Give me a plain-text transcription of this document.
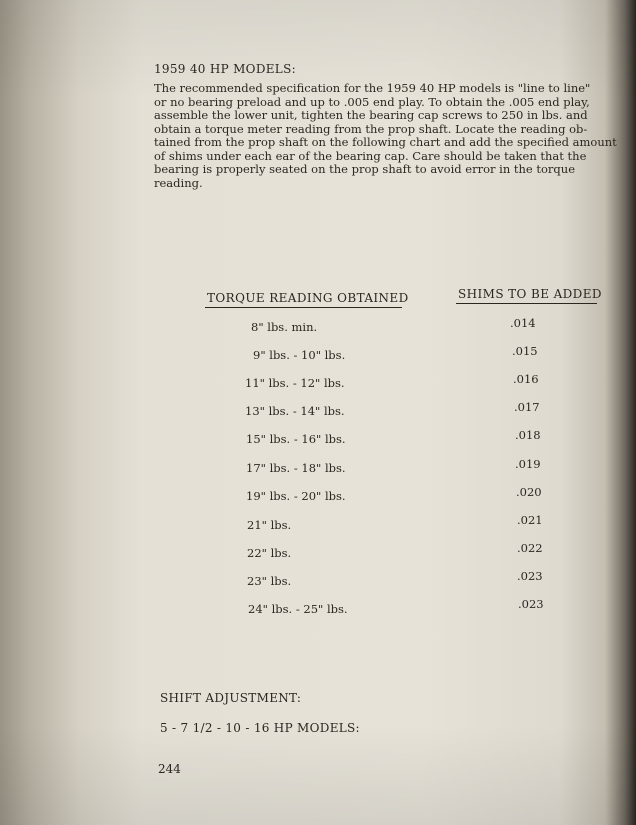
1959 40 HP MODELS:
The recommended specification for the 1959 40 HP models is "line to line"
or no bearing preload and up to .005 end play. To obtain the .005 end play,
assemble the lower unit, tighten the bearing cap screws to 250 in lbs. and
obtain a torque meter reading from the prop shaft. Locate the reading ob-
tained from the prop shaft on the following chart and add the specified amount
of shims under each ear of the bearing cap. Care should be taken that the
bearing is properly seated on the prop shaft to avoid error in the torque
reading.
TORQUE READING OBTAINED	SHIMS TO BE ADDED
8" lbs. min.	.014
9" lbs. - 10" lbs.	.015
11" lbs. - 12" lbs.	.016
13" lbs. - 14" lbs.	.017
15" lbs. - 16" lbs.	.018
17" lbs. - 18" lbs.	.019
19" lbs. - 20" lbs.	.020
21" lbs.	.021
22" lbs.	.022
23" lbs.	.023
24" lbs. - 25" lbs.	.023
SHIFT ADJUSTMENT:
5 - 7 1/2 - 10 - 16 HP MODELS:
244
